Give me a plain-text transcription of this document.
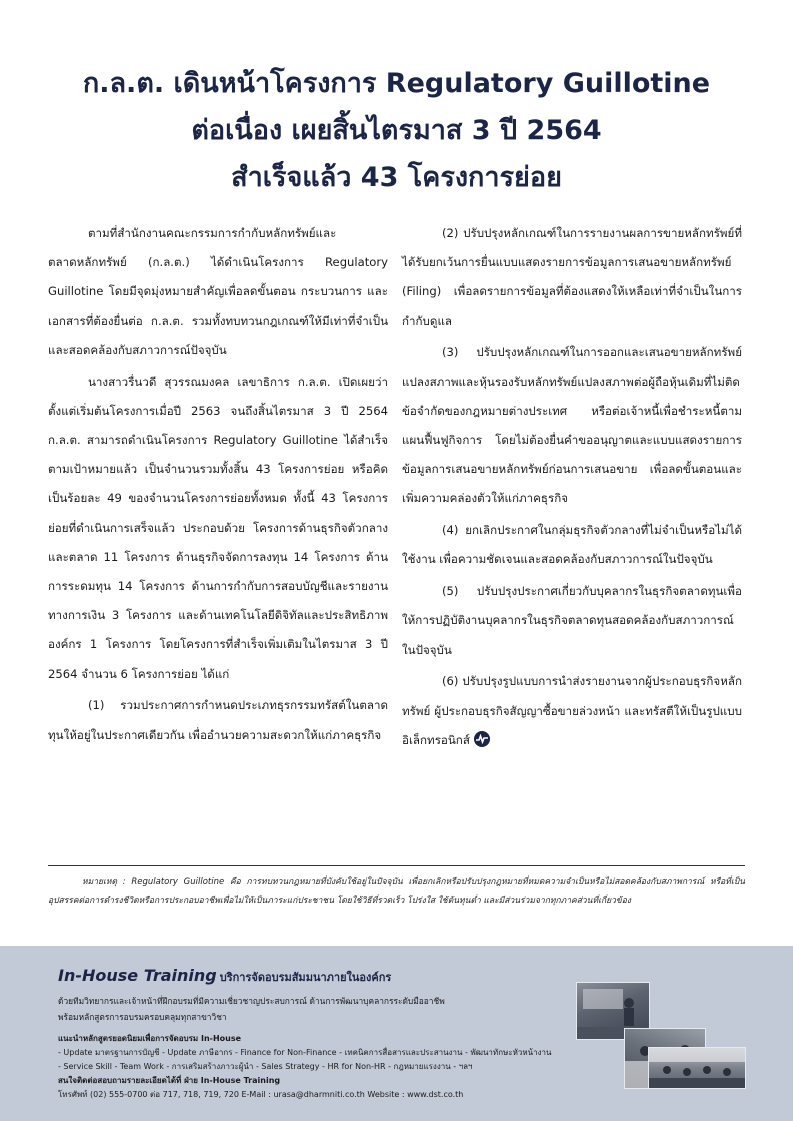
ก.ล.ต. เดินหน้าโครงการ Regulatory Guillotine
ต่อเนื่อง เผยสิ้นไตรมาส 3 ปี 2564
สำเร็จแล้ว 43 โครงการย่อย

ตามที่สำนักงานคณะกรรมการกำกับหลักทรัพย์และตลาดหลักทรัพย์ (ก.ล.ต.) ได้ดำเนินโครงการ Regulatory Guillotine โดยมีจุดมุ่งหมายสำคัญเพื่อลดขั้นตอน กระบวนการ และเอกสารที่ต้องยื่นต่อ ก.ล.ต. รวมทั้งทบทวนกฎเกณฑ์ให้มีเท่าที่จำเป็นและสอดคล้องกับสภาวการณ์ปัจจุบัน

นางสาวรื่นวดี สุวรรณมงคล เลขาธิการ ก.ล.ต. เปิดเผยว่า ตั้งแต่เริ่มต้นโครงการเมื่อปี 2563 จนถึงสิ้นไตรมาส 3 ปี 2564 ก.ล.ต. สามารถดำเนินโครงการ Regulatory Guillotine ได้สำเร็จตามเป้าหมายแล้ว เป็นจำนวนรวมทั้งสิ้น 43 โครงการย่อย หรือคิดเป็นร้อยละ 49 ของจำนวนโครงการย่อยทั้งหมด ทั้งนี้ 43 โครงการย่อยที่ดำเนินการเสร็จแล้ว ประกอบด้วย โครงการด้านธุรกิจตัวกลางและตลาด 11 โครงการ ด้านธุรกิจจัดการลงทุน 14 โครงการ ด้านการระดมทุน 14 โครงการ ด้านการกำกับการสอบบัญชีและรายงานทางการเงิน 3 โครงการ และด้านเทคโนโลยีดิจิทัลและประสิทธิภาพองค์กร 1 โครงการ โดยโครงการที่สำเร็จเพิ่มเติมในไตรมาส 3 ปี 2564 จำนวน 6 โครงการย่อย ได้แก่

(1) รวมประกาศการกำหนดประเภทธุรกรรมทรัสต์ในตลาดทุนให้อยู่ในประกาศเดียวกัน เพื่ออำนวยความสะดวกให้แก่ภาคธุรกิจ

(2) ปรับปรุงหลักเกณฑ์ในการรายงานผลการขายหลักทรัพย์ที่ได้รับยกเว้นการยื่นแบบแสดงรายการข้อมูลการเสนอขายหลักทรัพย์ (Filing) เพื่อลดรายการข้อมูลที่ต้องแสดงให้เหลือเท่าที่จำเป็นในการกำกับดูแล

(3) ปรับปรุงหลักเกณฑ์ในการออกและเสนอขายหลักทรัพย์แปลงสภาพและหุ้นรองรับหลักทรัพย์แปลงสภาพต่อผู้ถือหุ้นเดิมที่ไม่ติดข้อจำกัดของกฎหมายต่างประเทศ หรือต่อเจ้าหนี้เพื่อชำระหนี้ตามแผนฟื้นฟูกิจการ โดยไม่ต้องยื่นคำขออนุญาตและแบบแสดงรายการข้อมูลการเสนอขายหลักทรัพย์ก่อนการเสนอขาย เพื่อลดขั้นตอนและเพิ่มความคล่องตัวให้แก่ภาคธุรกิจ

(4) ยกเลิกประกาศในกลุ่มธุรกิจตัวกลางที่ไม่จำเป็นหรือไม่ได้ใช้งาน เพื่อความชัดเจนและสอดคล้องกับสภาวการณ์ในปัจจุบัน

(5) ปรับปรุงประกาศเกี่ยวกับบุคลากรในธุรกิจตลาดทุนเพื่อให้การปฏิบัติงานบุคลากรในธุรกิจตลาดทุนสอดคล้องกับสภาวการณ์ในปัจจุบัน

(6) ปรับปรุงรูปแบบการนำส่งรายงานจากผู้ประกอบธุรกิจหลักทรัพย์ ผู้ประกอบธุรกิจสัญญาซื้อขายล่วงหน้า และทรัสตีให้เป็นรูปแบบอิเล็กทรอนิกส์

หมายเหตุ : Regulatory Guillotine คือ การทบทวนกฎหมายที่บังคับใช้อยู่ในปัจจุบัน เพื่อยกเลิกหรือปรับปรุงกฎหมายที่หมดความจำเป็นหรือไม่สอดคล้องกับสภาพการณ์ หรือที่เป็นอุปสรรคต่อการดำรงชีวิตหรือการประกอบอาชีพเพื่อไม่ให้เป็นภาระแก่ประชาชน โดยใช้วิธีที่รวดเร็ว โปร่งใส ใช้ต้นทุนต่ำ และมีส่วนร่วมจากทุกภาคส่วนที่เกี่ยวข้อง

In-House Training บริการจัดอบรมสัมมนาภายในองค์กร
ด้วยทีมวิทยากรและเจ้าหน้าที่ฝึกอบรมที่มีความเชี่ยวชาญประสบการณ์ ด้านการพัฒนาบุคลากรระดับมืออาชีพ
พร้อมหลักสูตรการอบรมครอบคลุมทุกสาขาวิชา
แนะนำหลักสูตรยอดนิยมเพื่อการจัดอบรม In-House
- Update มาตรฐานการบัญชี - Update ภาษีอากร - Finance for Non-Finance - เทคนิคการสื่อสารและประสานงาน - พัฒนาทักษะหัวหน้างาน
- Service Skill - Team Work - การเสริมสร้างภาวะผู้นำ - Sales Strategy - HR for Non-HR - กฎหมายแรงงาน - ฯลฯ
สนใจติดต่อสอบถามรายละเอียดได้ที่ ฝ่าย In-House Training
โทรศัพท์ (02) 555-0700 ต่อ 717, 718, 719, 720 E-Mail : urasa@dharmniti.co.th Website : www.dst.co.th
